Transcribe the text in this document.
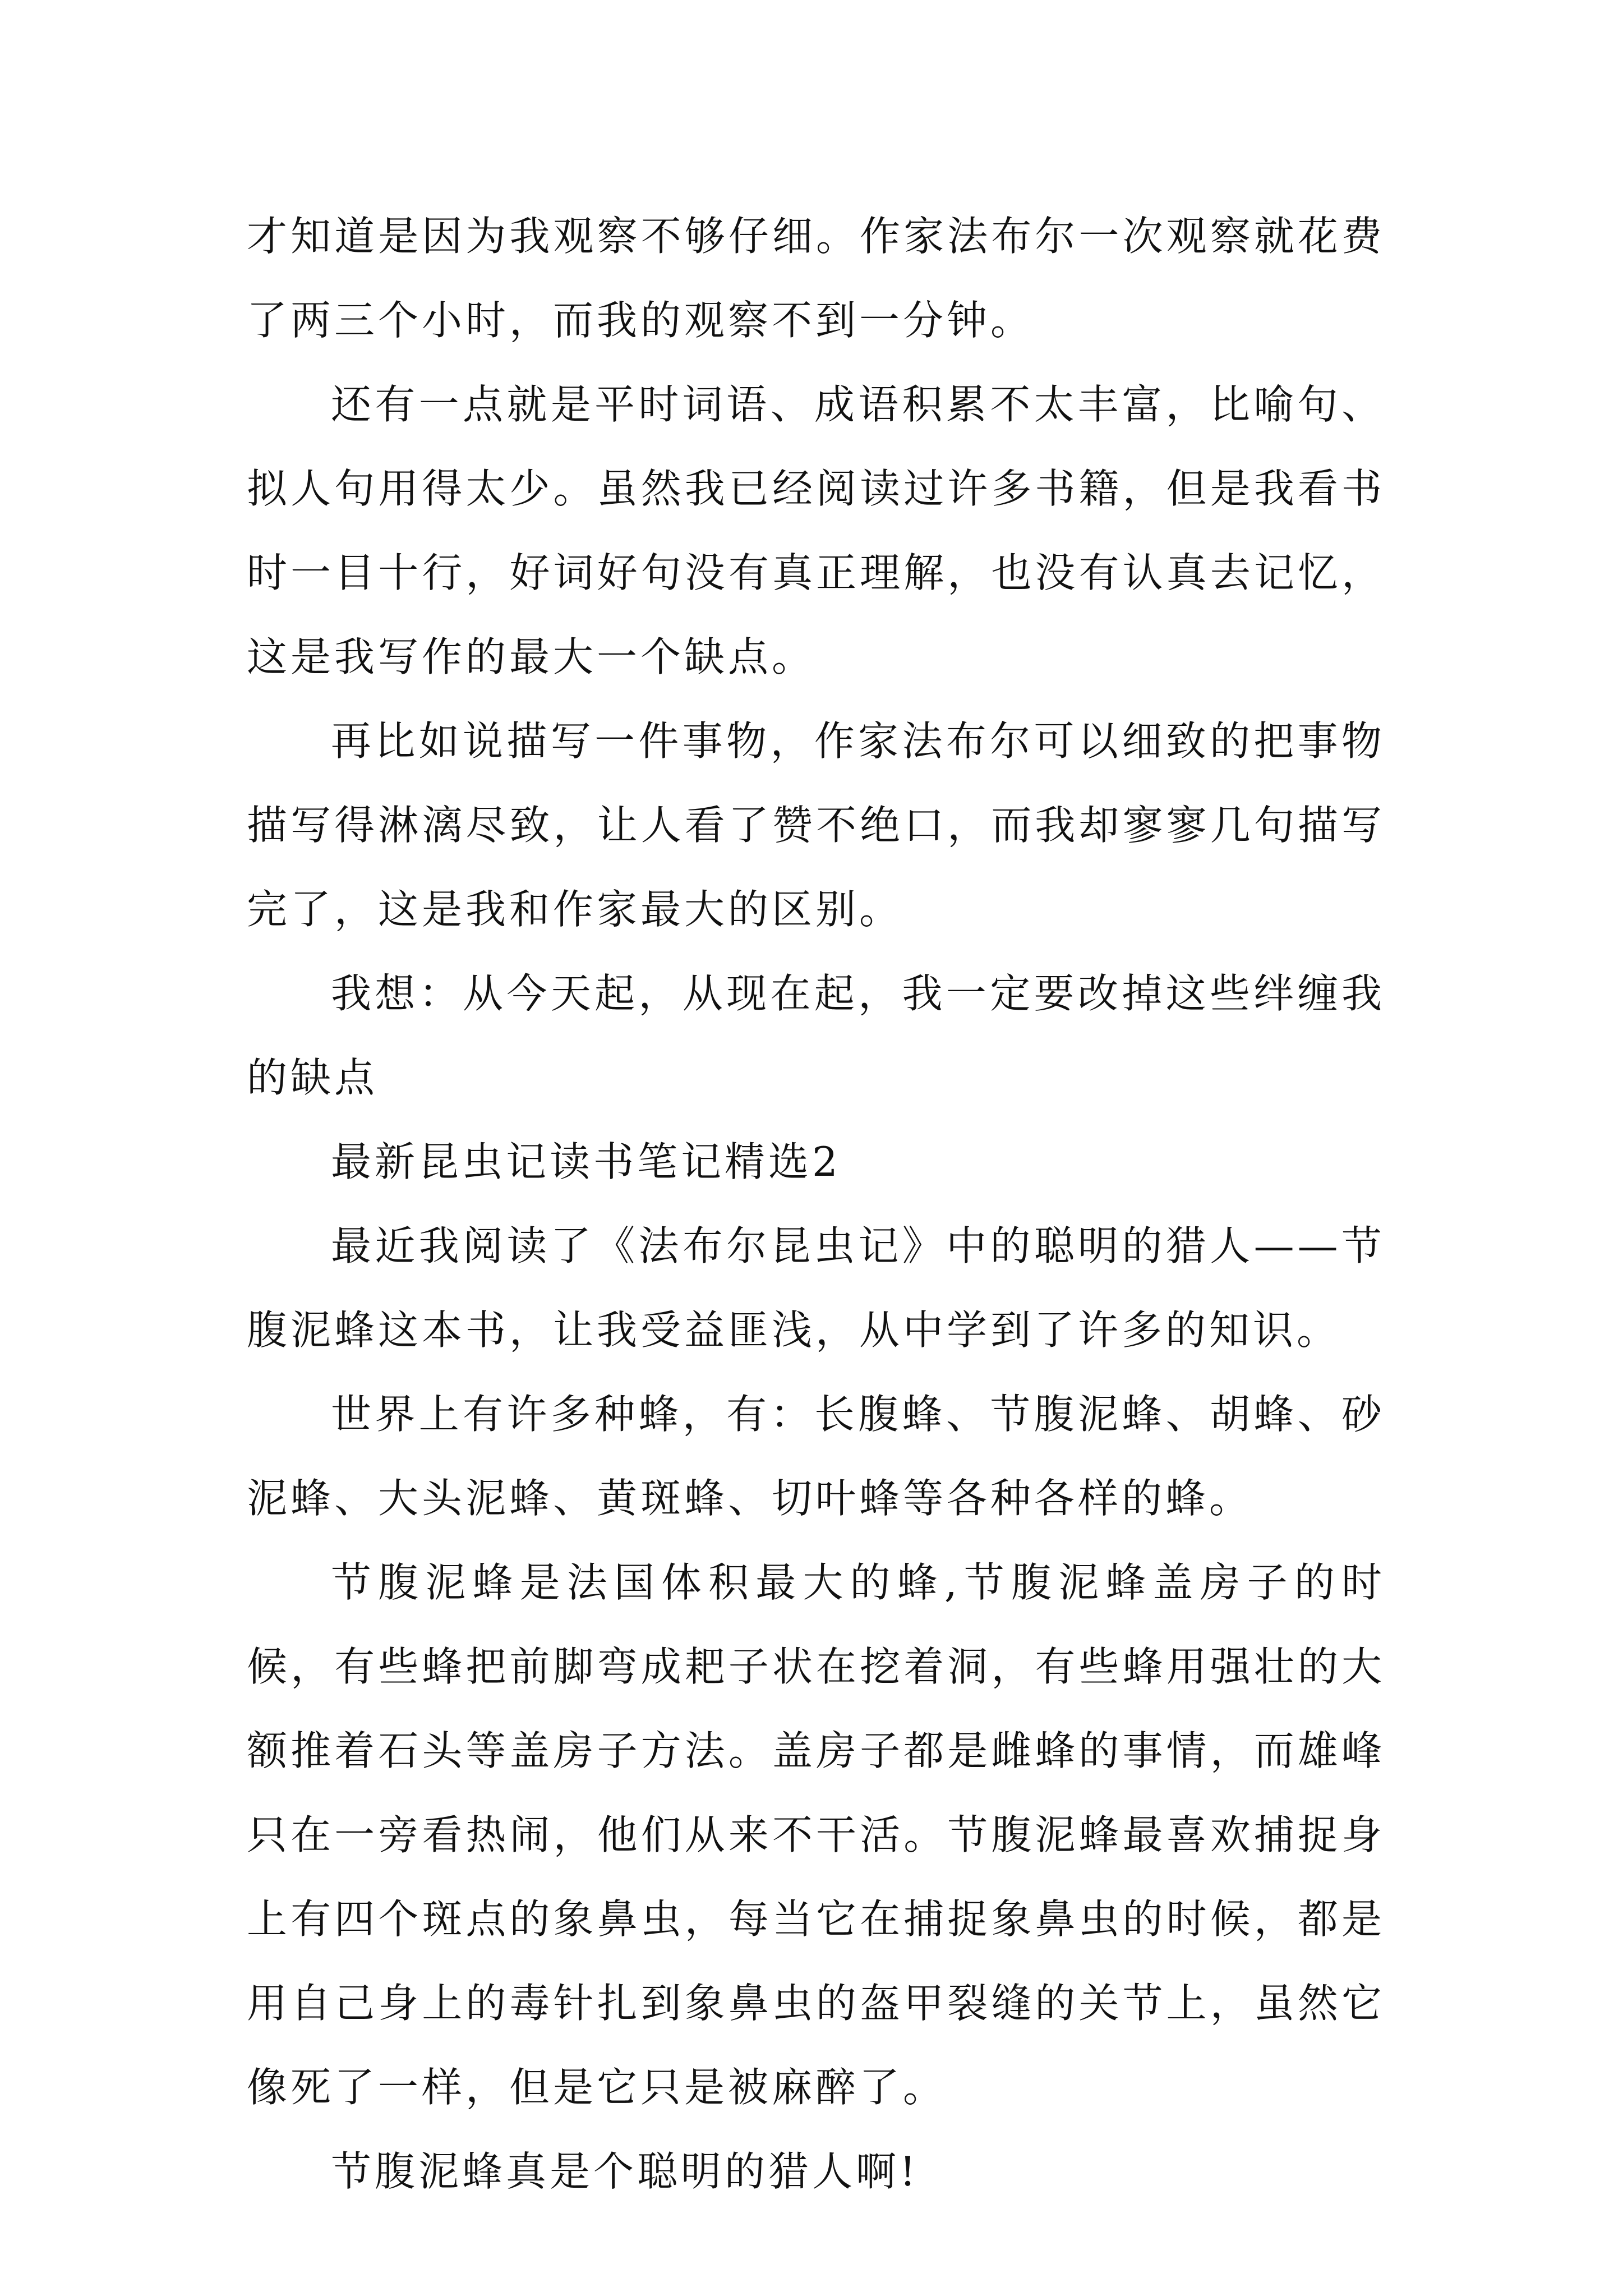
才知道是因为我观察不够仔细。作家法布尔一次观察就花费了两三个小时，而我的观察不到一分钟。

还有一点就是平时词语、成语积累不太丰富，比喻句、拟人句用得太少。虽然我已经阅读过许多书籍，但是我看书时一目十行，好词好句没有真正理解，也没有认真去记忆，这是我写作的最大一个缺点。

再比如说描写一件事物，作家法布尔可以细致的把事物描写得淋漓尽致，让人看了赞不绝口，而我却寥寥几句描写完了，这是我和作家最大的区别。

我想：从今天起，从现在起，我一定要改掉这些绊缠我的缺点

最新昆虫记读书笔记精选2

最近我阅读了《法布尔昆虫记》中的聪明的猎人——节腹泥蜂这本书，让我受益匪浅，从中学到了许多的知识。

世界上有许多种蜂，有：长腹蜂、节腹泥蜂、胡蜂、砂泥蜂、大头泥蜂、黄斑蜂、切叶蜂等各种各样的蜂。

节腹泥蜂是法国体积最大的蜂,节腹泥蜂盖房子的时候，有些蜂把前脚弯成耙子状在挖着洞，有些蜂用强壮的大额推着石头等盖房子方法。盖房子都是雌蜂的事情，而雄峰只在一旁看热闹，他们从来不干活。节腹泥蜂最喜欢捕捉身上有四个斑点的象鼻虫，每当它在捕捉象鼻虫的时候，都是用自己身上的毒针扎到象鼻虫的盔甲裂缝的关节上，虽然它像死了一样，但是它只是被麻醉了。

节腹泥蜂真是个聪明的猎人啊!
